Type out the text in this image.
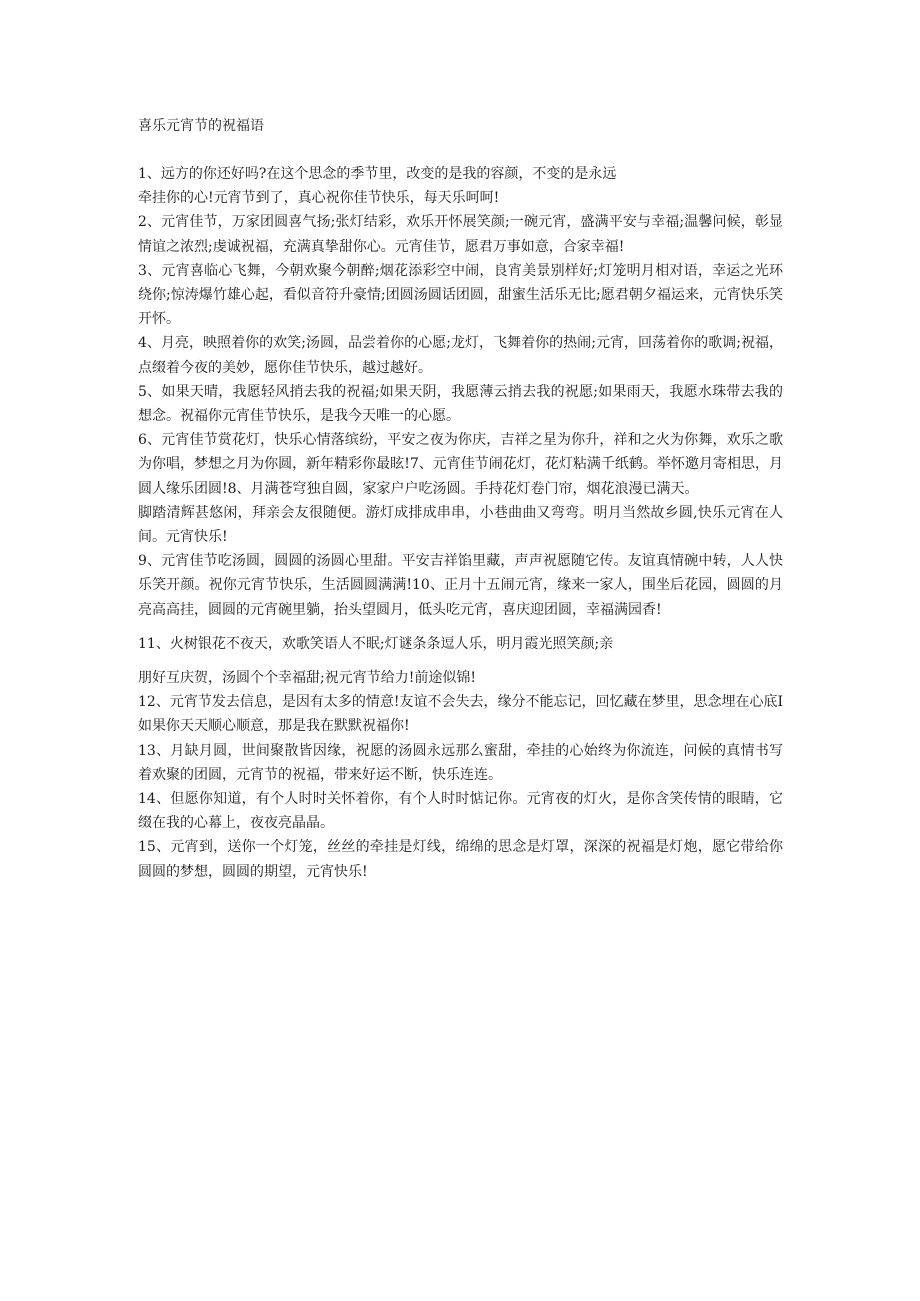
喜乐元宵节的祝福语

1、远方的你还好吗?在这个思念的季节里，改变的是我的容颜，不变的是永远

牵挂你的心!元宵节到了，真心祝你佳节快乐，每天乐呵呵!

2、元宵佳节，万家团圆喜气扬;张灯结彩，欢乐开怀展笑颜;一碗元宵，盛满平安与幸福;温馨问候，彰显情谊之浓烈;虔诚祝福，充满真挚甜你心。元宵佳节，愿君万事如意，合家幸福!

3、元宵喜临心飞舞，今朝欢聚今朝醉;烟花添彩空中闹，良宵美景别样好;灯笼明月相对语，幸运之光环绕你;惊涛爆竹雄心起，看似音符升豪情;团圆汤圆话团圆，甜蜜生活乐无比;愿君朝夕福运来，元宵快乐笑开怀。

4、月亮，映照着你的欢笑;汤圆，品尝着你的心愿;龙灯，飞舞着你的热闹;元宵，回荡着你的歌调;祝福，点缀着今夜的美妙，愿你佳节快乐，越过越好。

5、如果天晴，我愿轻风捎去我的祝福;如果天阴，我愿薄云捎去我的祝愿;如果雨天，我愿水珠带去我的想念。祝福你元宵佳节快乐，是我今天唯一的心愿。

6、元宵佳节赏花灯，快乐心情落缤纷，平安之夜为你庆，吉祥之星为你升，祥和之火为你舞，欢乐之歌为你唱，梦想之月为你圆，新年精彩你最眩!7、元宵佳节闹花灯，花灯粘满千纸鹤。举怀邀月寄相思，月圆人缘乐团圆!8、月满苍穹独自圆，家家户户吃汤圆。手持花灯卷门帘，烟花浪漫已满天。

脚踏清辉甚悠闲，拜亲会友很随便。游灯成排成串串，小巷曲曲又弯弯。明月当然故乡圆,快乐元宵在人间。元宵快乐!

9、元宵佳节吃汤圆，圆圆的汤圆心里甜。平安吉祥馅里藏，声声祝愿随它传。友谊真情碗中转，人人快乐笑开颜。祝你元宵节快乐，生活圆圆满满!10、正月十五闹元宵，缘来一家人，围坐后花园，圆圆的月亮高高挂，圆圆的元宵碗里躺，抬头望圆月，低头吃元宵，喜庆迎团圆，幸福满园香!

11、火树银花不夜天，欢歌笑语人不眠;灯谜条条逗人乐，明月霞光照笑颜;亲

朋好互庆贺，汤圆个个幸福甜;祝元宵节给力!前途似锦!

12、元宵节发去信息，是因有太多的情意!友谊不会失去，缘分不能忘记，回忆藏在梦里，思念埋在心底I如果你天天顺心顺意，那是我在默默祝福你!

13、月缺月圆，世间聚散皆因缘，祝愿的汤圆永远那么蜜甜，牵挂的心始终为你流连，问候的真情书写着欢聚的团圆，元宵节的祝福，带来好运不断，快乐连连。

14、但愿你知道，有个人时时关怀着你，有个人时时惦记你。元宵夜的灯火，是你含笑传情的眼睛，它缀在我的心幕上，夜夜亮晶晶。

15、元宵到，送你一个灯笼，丝丝的牵挂是灯线，绵绵的思念是灯罩，深深的祝福是灯炮，愿它带给你圆圆的梦想，圆圆的期望，元宵快乐!
